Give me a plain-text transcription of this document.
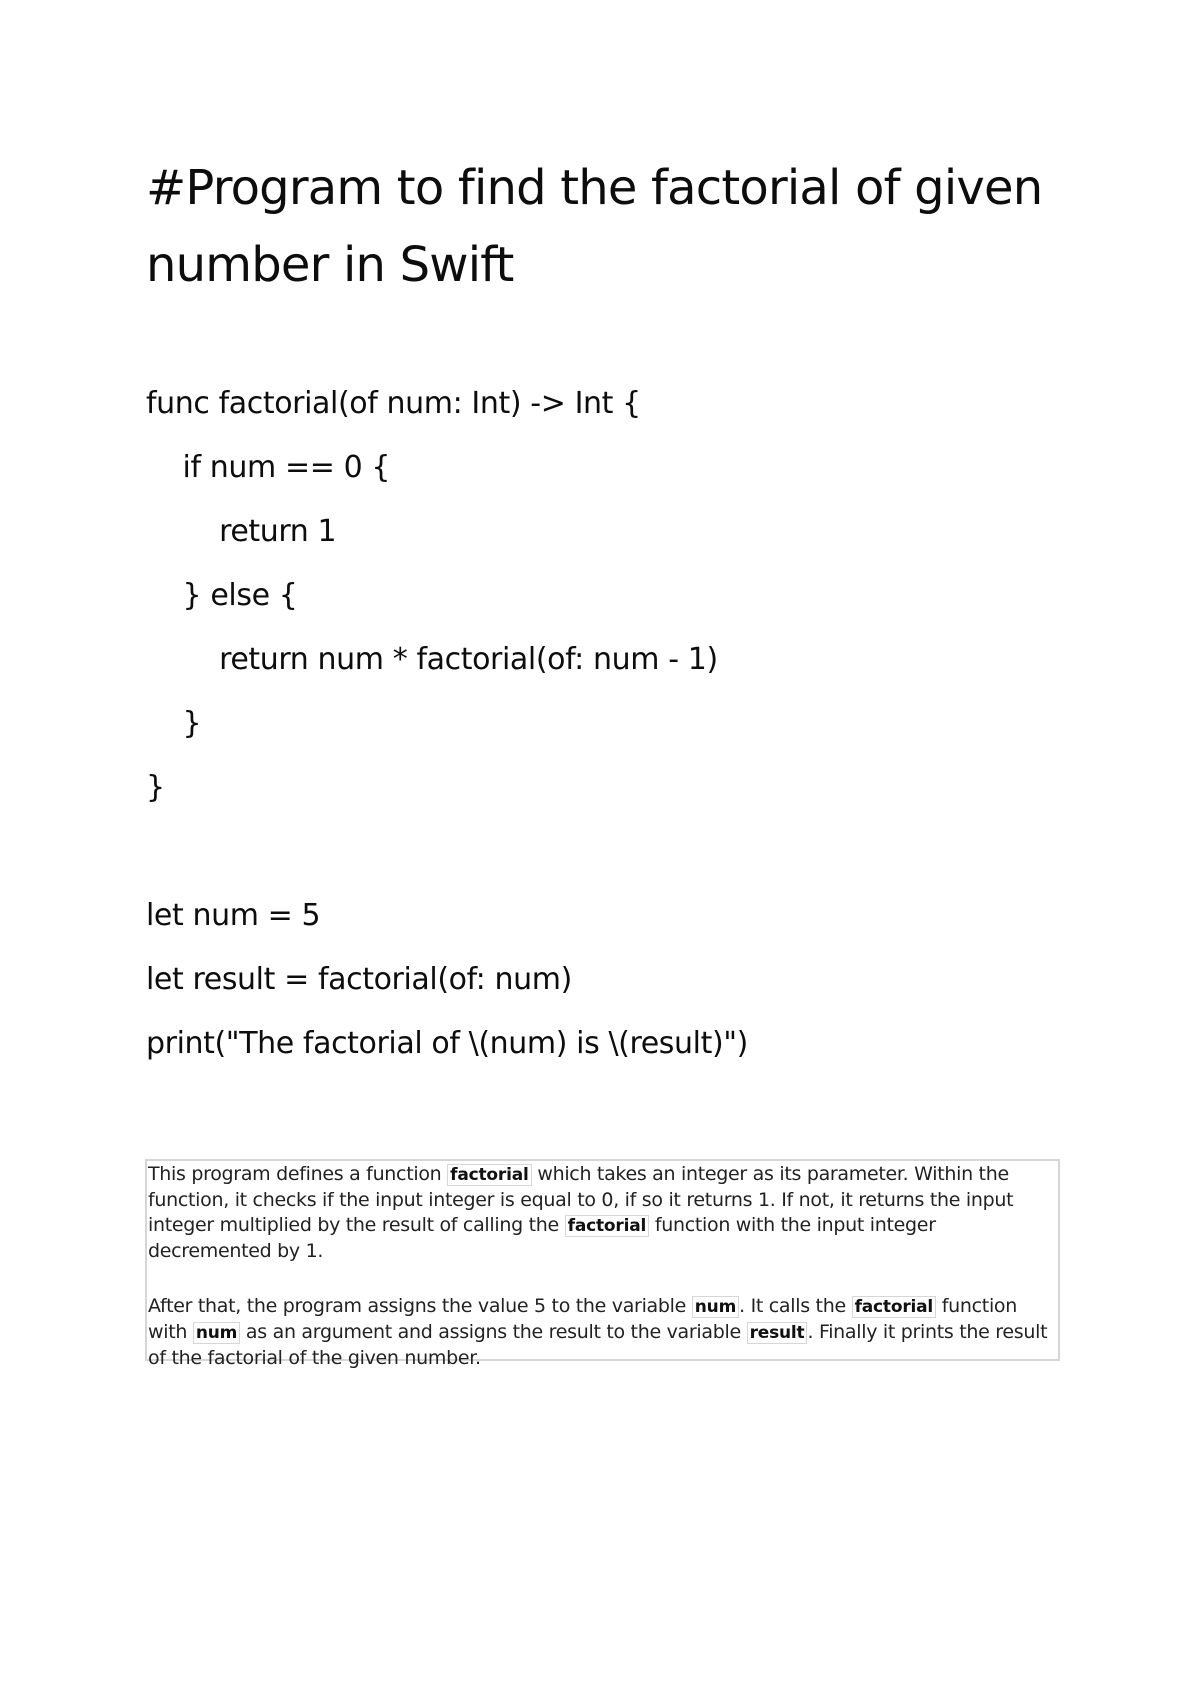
#Program to find the factorial of given number in Swift
func factorial(of num: Int) -> Int {
if num == 0 {
return 1
} else {
return num * factorial(of: num - 1)
}
}
let num = 5
let result = factorial(of: num)
print("The factorial of \(num) is \(result)")

This program defines a function factorial which takes an integer as its parameter. Within the function, it checks if the input integer is equal to 0, if so it returns 1. If not, it returns the input integer multiplied by the result of calling the factorial function with the input integer decremented by 1.

After that, the program assigns the value 5 to the variable num . It calls the factorial function with num as an argument and assigns the result to the variable result . Finally it prints the result of the factorial of the given number.
